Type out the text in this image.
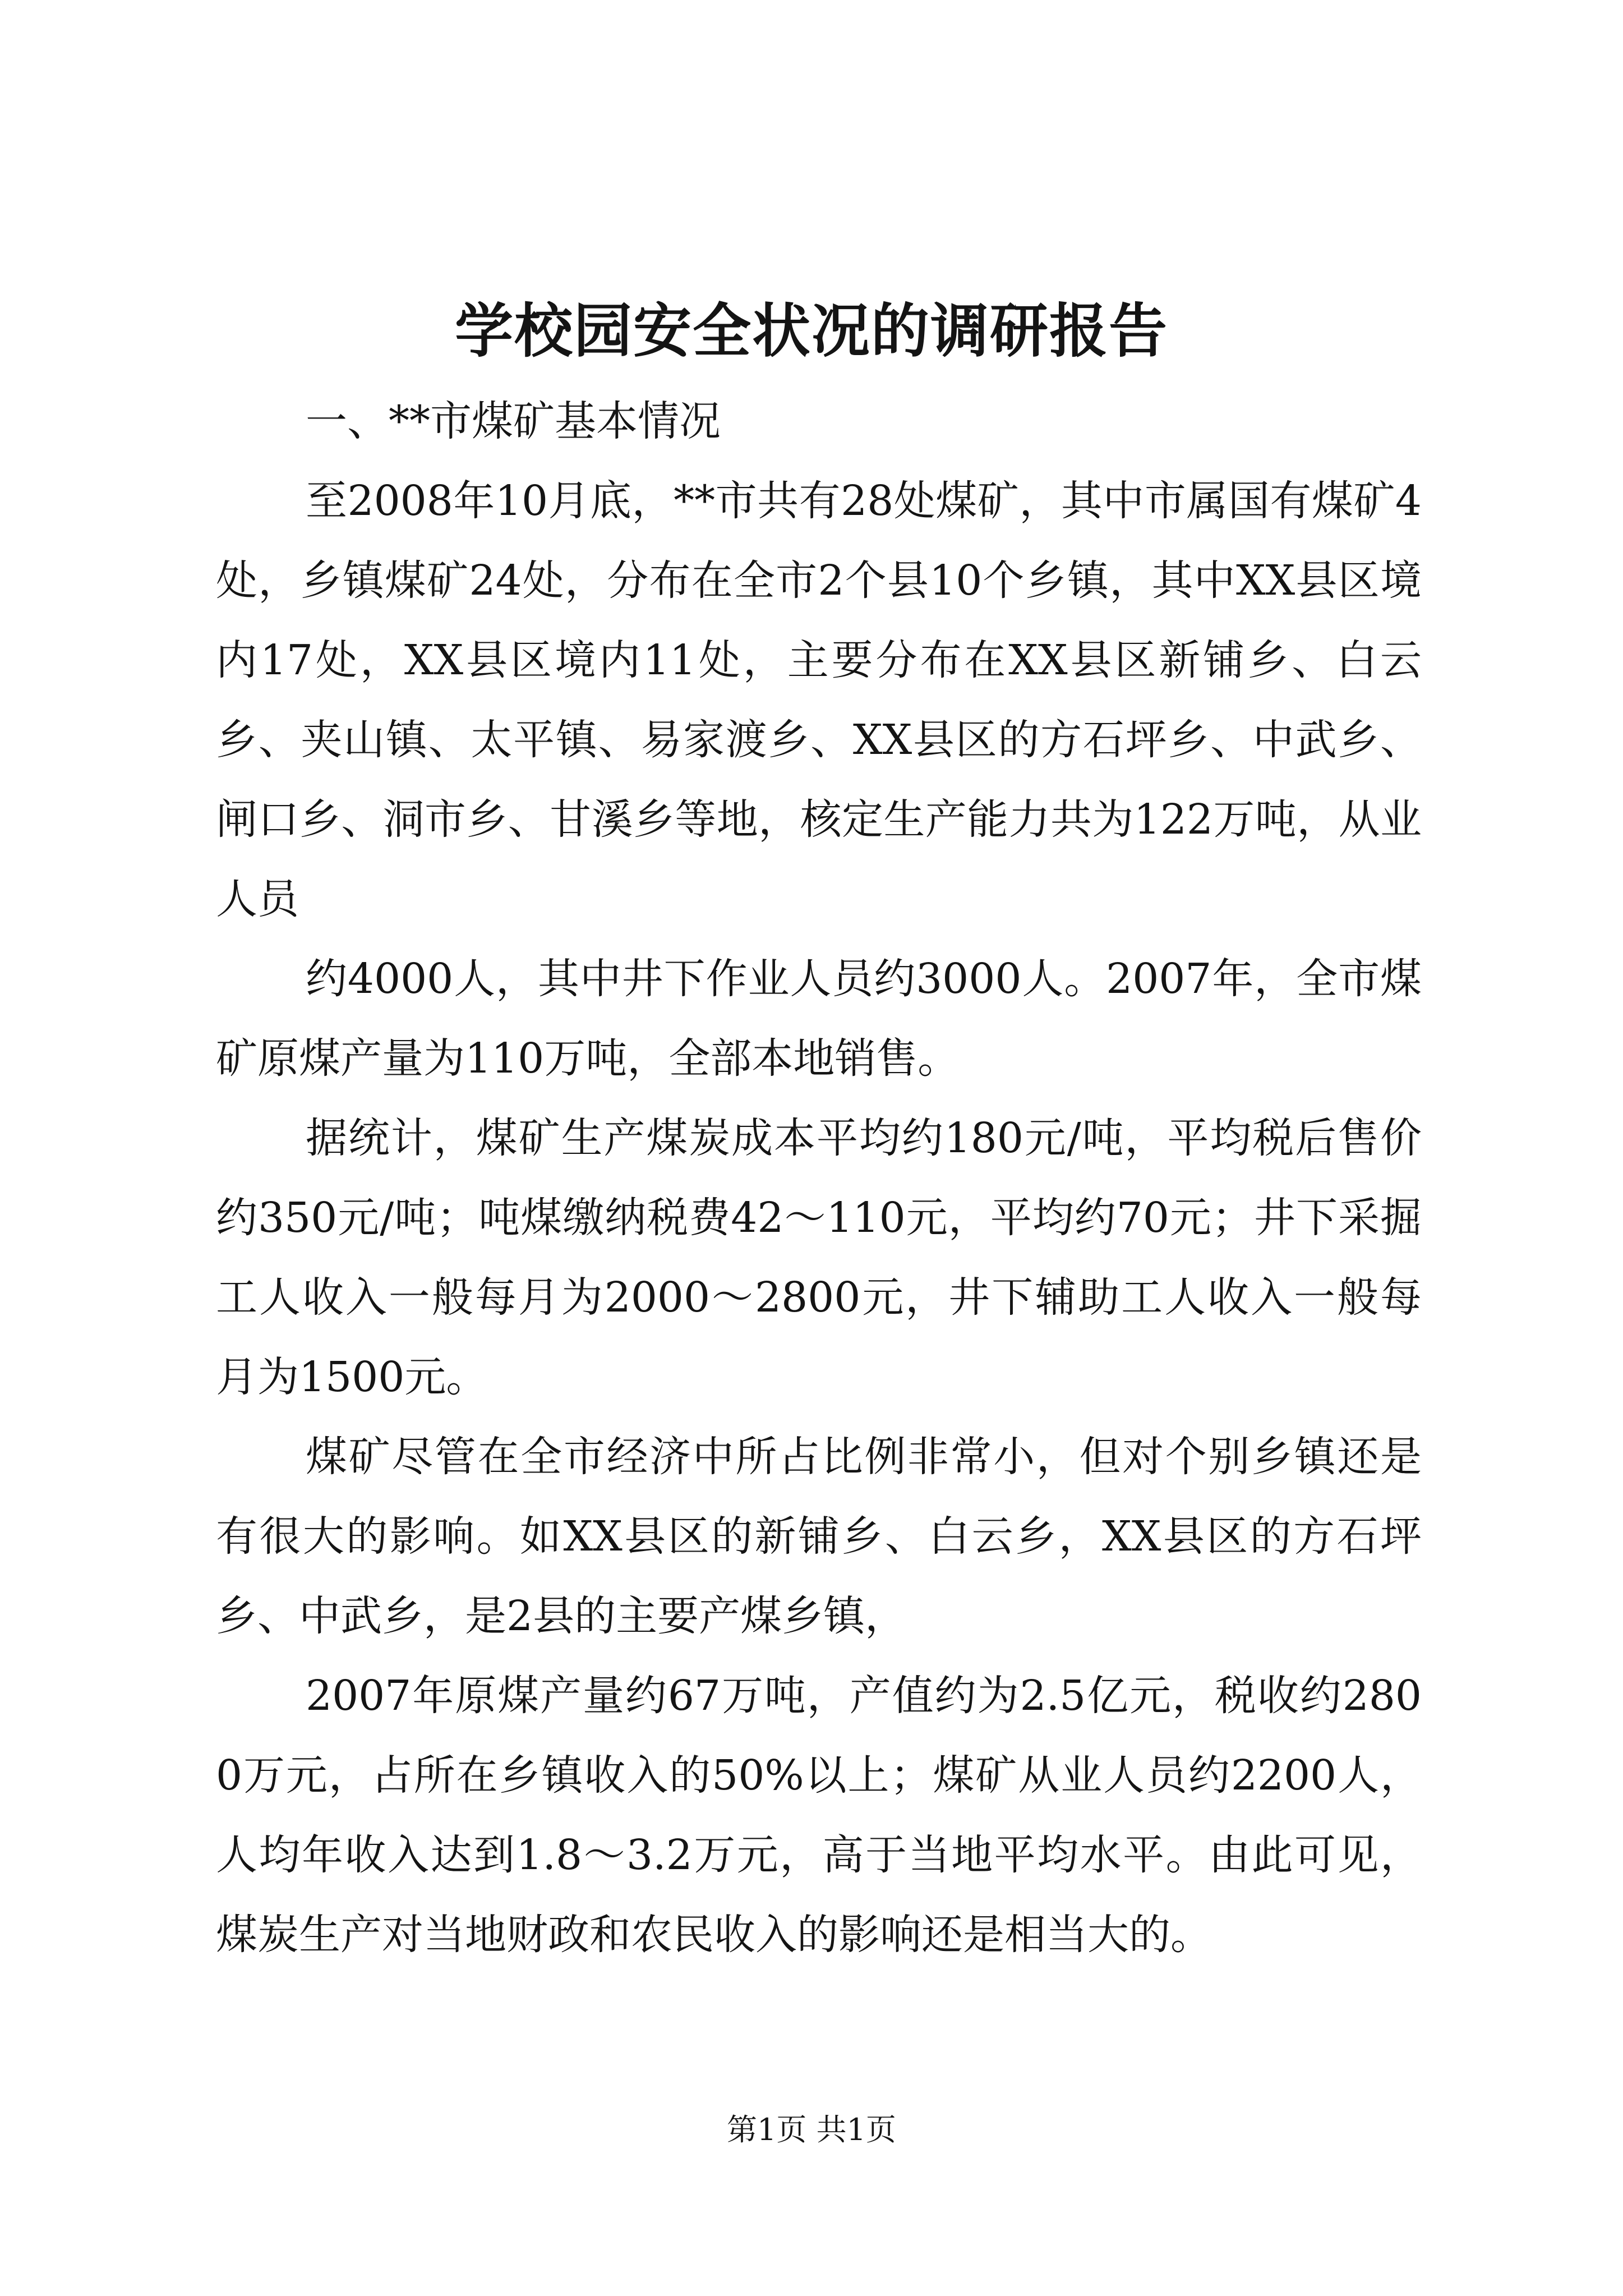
学校园安全状况的调研报告

一、**市煤矿基本情况

至2008年10月底，**市共有28处煤矿，其中市属国有煤矿4处，乡镇煤矿24处，分布在全市2个县10个乡镇，其中XX县区境内17处，XX县区境内11处，主要分布在XX县区新铺乡、白云乡、夹山镇、太平镇、易家渡乡、XX县区的方石坪乡、中武乡、闸口乡、洞市乡、甘溪乡等地，核定生产能力共为122万吨，从业人员

约4000人，其中井下作业人员约3000人。2007年，全市煤矿原煤产量为110万吨，全部本地销售。

据统计，煤矿生产煤炭成本平均约180元/吨，平均税后售价约350元/吨；吨煤缴纳税费42～110元，平均约70元；井下采掘工人收入一般每月为2000～2800元，井下辅助工人收入一般每月为1500元。

煤矿尽管在全市经济中所占比例非常小，但对个别乡镇还是有很大的影响。如XX县区的新铺乡、白云乡，XX县区的方石坪乡、中武乡，是2县的主要产煤乡镇，

2007年原煤产量约67万吨，产值约为2.5亿元，税收约2800万元，占所在乡镇收入的50%以上；煤矿从业人员约2200人，人均年收入达到1.8～3.2万元，高于当地平均水平。由此可见，煤炭生产对当地财政和农民收入的影响还是相当大的。

第1页 共1页
